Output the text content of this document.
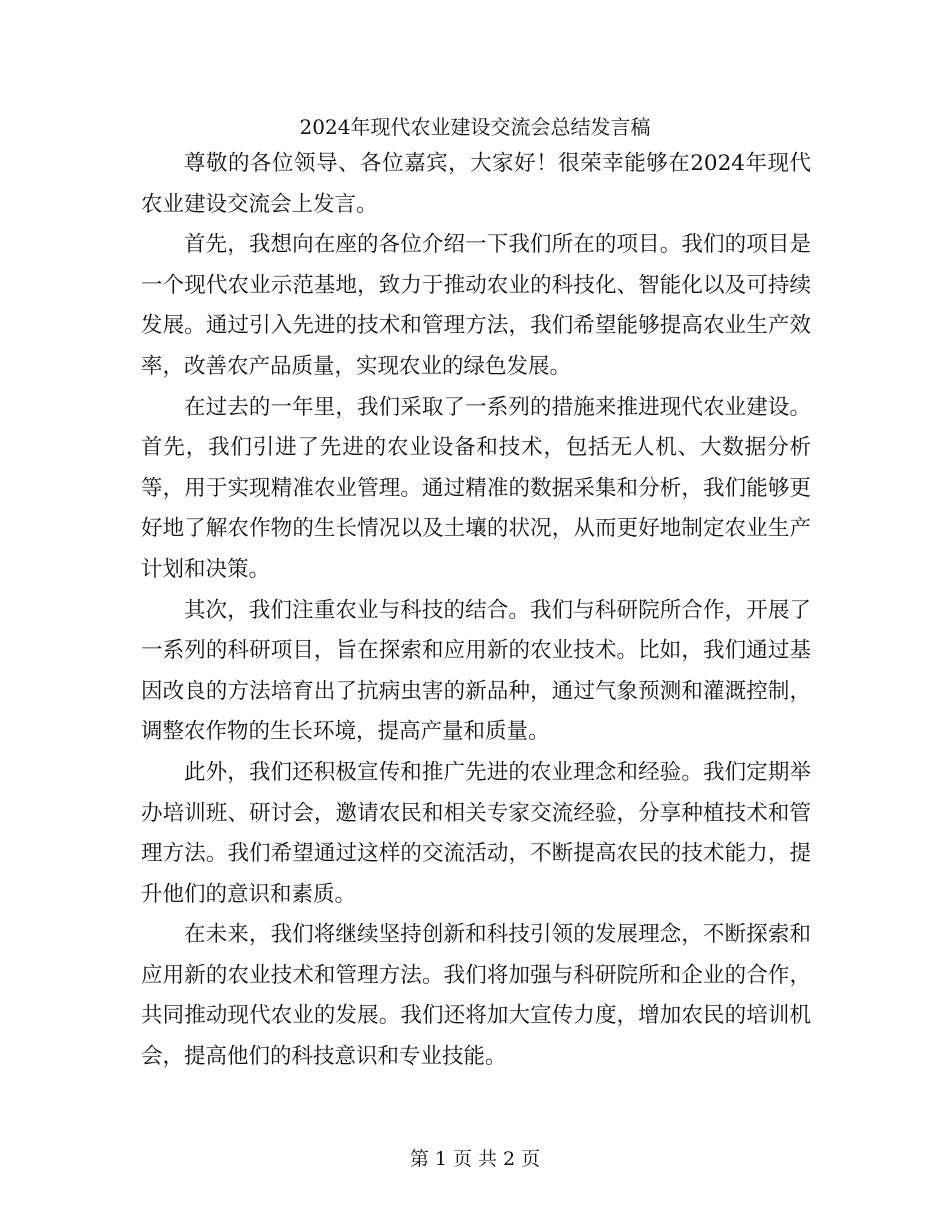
2024年现代农业建设交流会总结发言稿

尊敬的各位领导、各位嘉宾，大家好！很荣幸能够在2024年现代农业建设交流会上发言。

首先，我想向在座的各位介绍一下我们所在的项目。我们的项目是一个现代农业示范基地，致力于推动农业的科技化、智能化以及可持续发展。通过引入先进的技术和管理方法，我们希望能够提高农业生产效率，改善农产品质量，实现农业的绿色发展。

在过去的一年里，我们采取了一系列的措施来推进现代农业建设。首先，我们引进了先进的农业设备和技术，包括无人机、大数据分析等，用于实现精准农业管理。通过精准的数据采集和分析，我们能够更好地了解农作物的生长情况以及土壤的状况，从而更好地制定农业生产计划和决策。

其次，我们注重农业与科技的结合。我们与科研院所合作，开展了一系列的科研项目，旨在探索和应用新的农业技术。比如，我们通过基因改良的方法培育出了抗病虫害的新品种，通过气象预测和灌溉控制，调整农作物的生长环境，提高产量和质量。

此外，我们还积极宣传和推广先进的农业理念和经验。我们定期举办培训班、研讨会，邀请农民和相关专家交流经验，分享种植技术和管理方法。我们希望通过这样的交流活动，不断提高农民的技术能力，提升他们的意识和素质。

在未来，我们将继续坚持创新和科技引领的发展理念，不断探索和应用新的农业技术和管理方法。我们将加强与科研院所和企业的合作，共同推动现代农业的发展。我们还将加大宣传力度，增加农民的培训机会，提高他们的科技意识和专业技能。

第 1 页 共 2 页
